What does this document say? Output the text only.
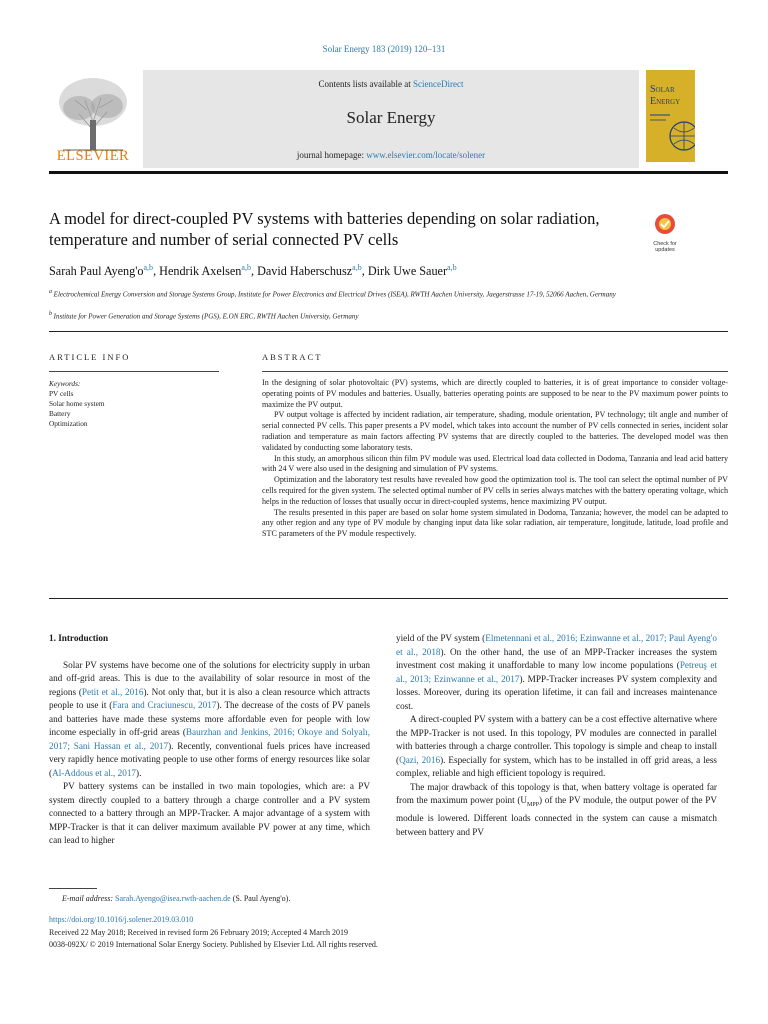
Solar Energy 183 (2019) 120–131
ELSEVIER
Contents lists available at ScienceDirect
Solar Energy
journal homepage: www.elsevier.com/locate/solener
Solar
Energy
A model for direct-coupled PV systems with batteries depending on solar radiation, temperature and number of serial connected PV cells	Check for updates
Sarah Paul $Ayeng'o^{a,b}$, Hendrik Axelsen$^{a,b}$, David Haberschusz$^{a,b}$, Dirk Uwe Sauer$^{a,b}$
$^a$ Electrochemical Energy Conversion and Storage Systems Group, Institute for Power Electronics and Electrical Drives (ISEA), RWTH Aachen University, Jaegerstrasse 17-19, 52066 Aachen, Germany
$^b$ Institute for Power Generation and Storage Systems (PGS), E.ON ERC, RWTH Aachen University, Germany
ARTICLE INFO	ABSTRACT
Keywords:
PV cells
Solar home system
Battery
Optimization

In the designing of solar photovoltaic (PV) systems, which are directly coupled to batteries, it is of great importance to consider voltage-operating points of PV modules and batteries. Usually, batteries operating points are supposed to be near to the PV maximum power points to maximize the PV output.

PV output voltage is affected by incident radiation, air temperature, shading, module orientation, PV technology; tilt angle and number of serial connected PV cells. This paper presents a PV model, which takes into account the number of PV cells connected in series, incident solar radiation and temperature as main factors affecting PV systems that are directly coupled to the batteries. The developed model was then validated by conducting some laboratory tests.

In this study, an amorphous silicon thin film PV module was used. Electrical load data collected in Dodoma, Tanzania and lead acid battery with 24 V were also used in the designing and simulation of PV systems.

Optimization and the laboratory test results have revealed how good the optimization tool is. The tool can select the optimal number of PV cells required for the given system. The selected optimal number of PV cells in series always matches with the battery operating voltage, which helps in the reduction of losses that usually occur in direct-coupled systems, hence maximizing PV output.

The results presented in this paper are based on solar home system simulated in Dodoma, Tanzania; however, the model can be adapted to any other region and any type of PV module by changing input data like solar radiation, air temperature, longitude, latitude, load profile and STC parameters of the PV module respectively.

1. Introduction

Solar PV systems have become one of the solutions for electricity supply in urban and off-grid areas. This is due to the availability of solar resource in most of the regions (Petit et al., 2016). Not only that, but it is also a clean resource which attracts people to use it (Fara and Craciunescu, 2017). The decrease of the costs of PV panels and batteries have made these systems more affordable even for people with low income especially in off-grid areas (Baurzhan and Jenkins, 2016; Okoye and Solyalı, 2017; Sani Hassan et al., 2017). Recently, conventional fuels prices have increased very rapidly hence motivating people to use other forms of energy resources like solar (Al-Addous et al., 2017).

PV battery systems can be installed in two main topologies, which are: a PV system directly coupled to a battery through a charge controller and a PV system connected to a battery through an MPP-Tracker. A major advantage of a system with MPP-Tracker is that it can deliver maximum available PV power at any time, which can lead to higher

yield of the PV system (Elmetennani et al., 2016; Ezinwanne et al., 2017; Paul Ayeng'o et al., 2018). On the other hand, the use of an MPP-Tracker increases the system investment cost making it unaffordable to many low income populations (Petreuş et al., 2013; Ezinwanne et al., 2017). MPP-Tracker increases PV system complexity and losses. Moreover, during its operation lifetime, it can fail and increases maintenance cost.

A direct-coupled PV system with a battery can be a cost effective alternative where the MPP-Tracker is not used. In this topology, PV modules are connected in parallel with batteries through a charge controller. This topology is simple and cheap to install (Qazi, 2016). Especially for system, which has to be installed in off grid areas, a less complex, reliable and high efficient topology is required.

The major drawback of this topology is that, when battery voltage is operated far from the maximum power point $(U_{MPP})$ of the PV module, the output power of the PV module is lowered. Different loads connected in the system can cause a mismatch between battery and PV

E-mail address: Sarah.Ayengo@isea.rwth-aachen.de (S. Paul Ayeng'o).
https://doi.org/10.1016/j.solener.2019.03.010
Received 22 May 2018; Received in revised form 26 February 2019; Accepted 4 March 2019
0038-092X/ © 2019 International Solar Energy Society. Published by Elsevier Ltd. All rights reserved.
